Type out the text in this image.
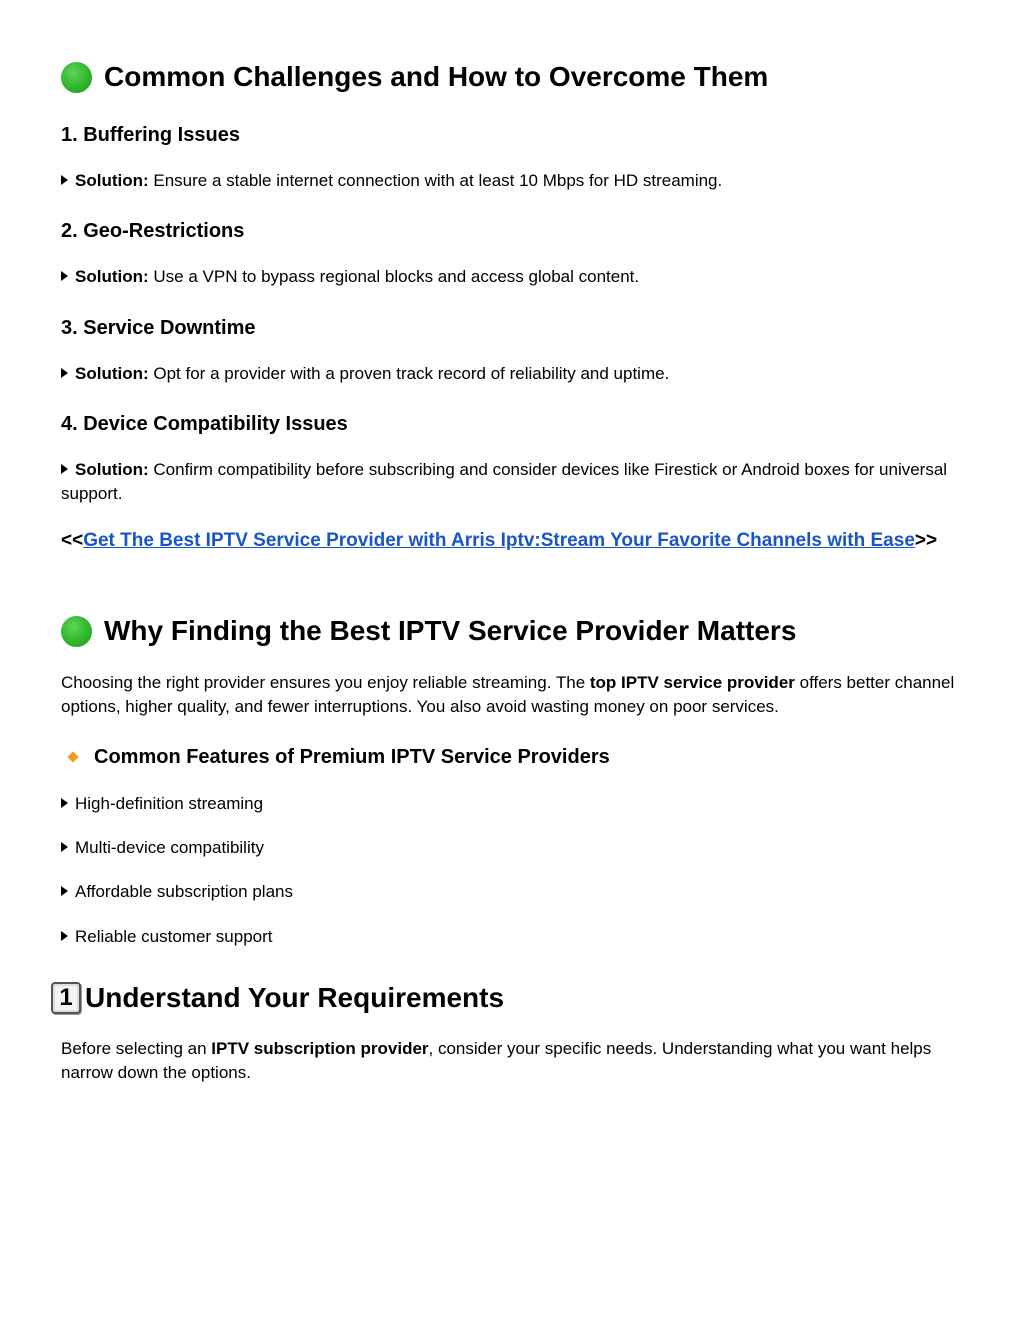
Common Challenges and How to Overcome Them
1. Buffering Issues

Solution: Ensure a stable internet connection with at least 10 Mbps for HD streaming.

2. Geo-Restrictions

Solution: Use a VPN to bypass regional blocks and access global content.

3. Service Downtime

Solution: Opt for a provider with a proven track record of reliability and uptime.

4. Device Compatibility Issues

Solution: Confirm compatibility before subscribing and consider devices like Firestick or Android boxes for universal support.

<<Get The Best IPTV Service Provider with Arris Iptv:Stream Your Favorite Channels with Ease>>

Why Finding the Best IPTV Service Provider Matters

Choosing the right provider ensures you enjoy reliable streaming. The top IPTV service provider offers better channel options, higher quality, and fewer interruptions. You also avoid wasting money on poor services.

Common Features of Premium IPTV Service Providers

High-definition streaming

Multi-device compatibility

Affordable subscription plans

Reliable customer support

1 Understand Your Requirements

Before selecting an IPTV subscription provider, consider your specific needs. Understanding what you want helps narrow down the options.
